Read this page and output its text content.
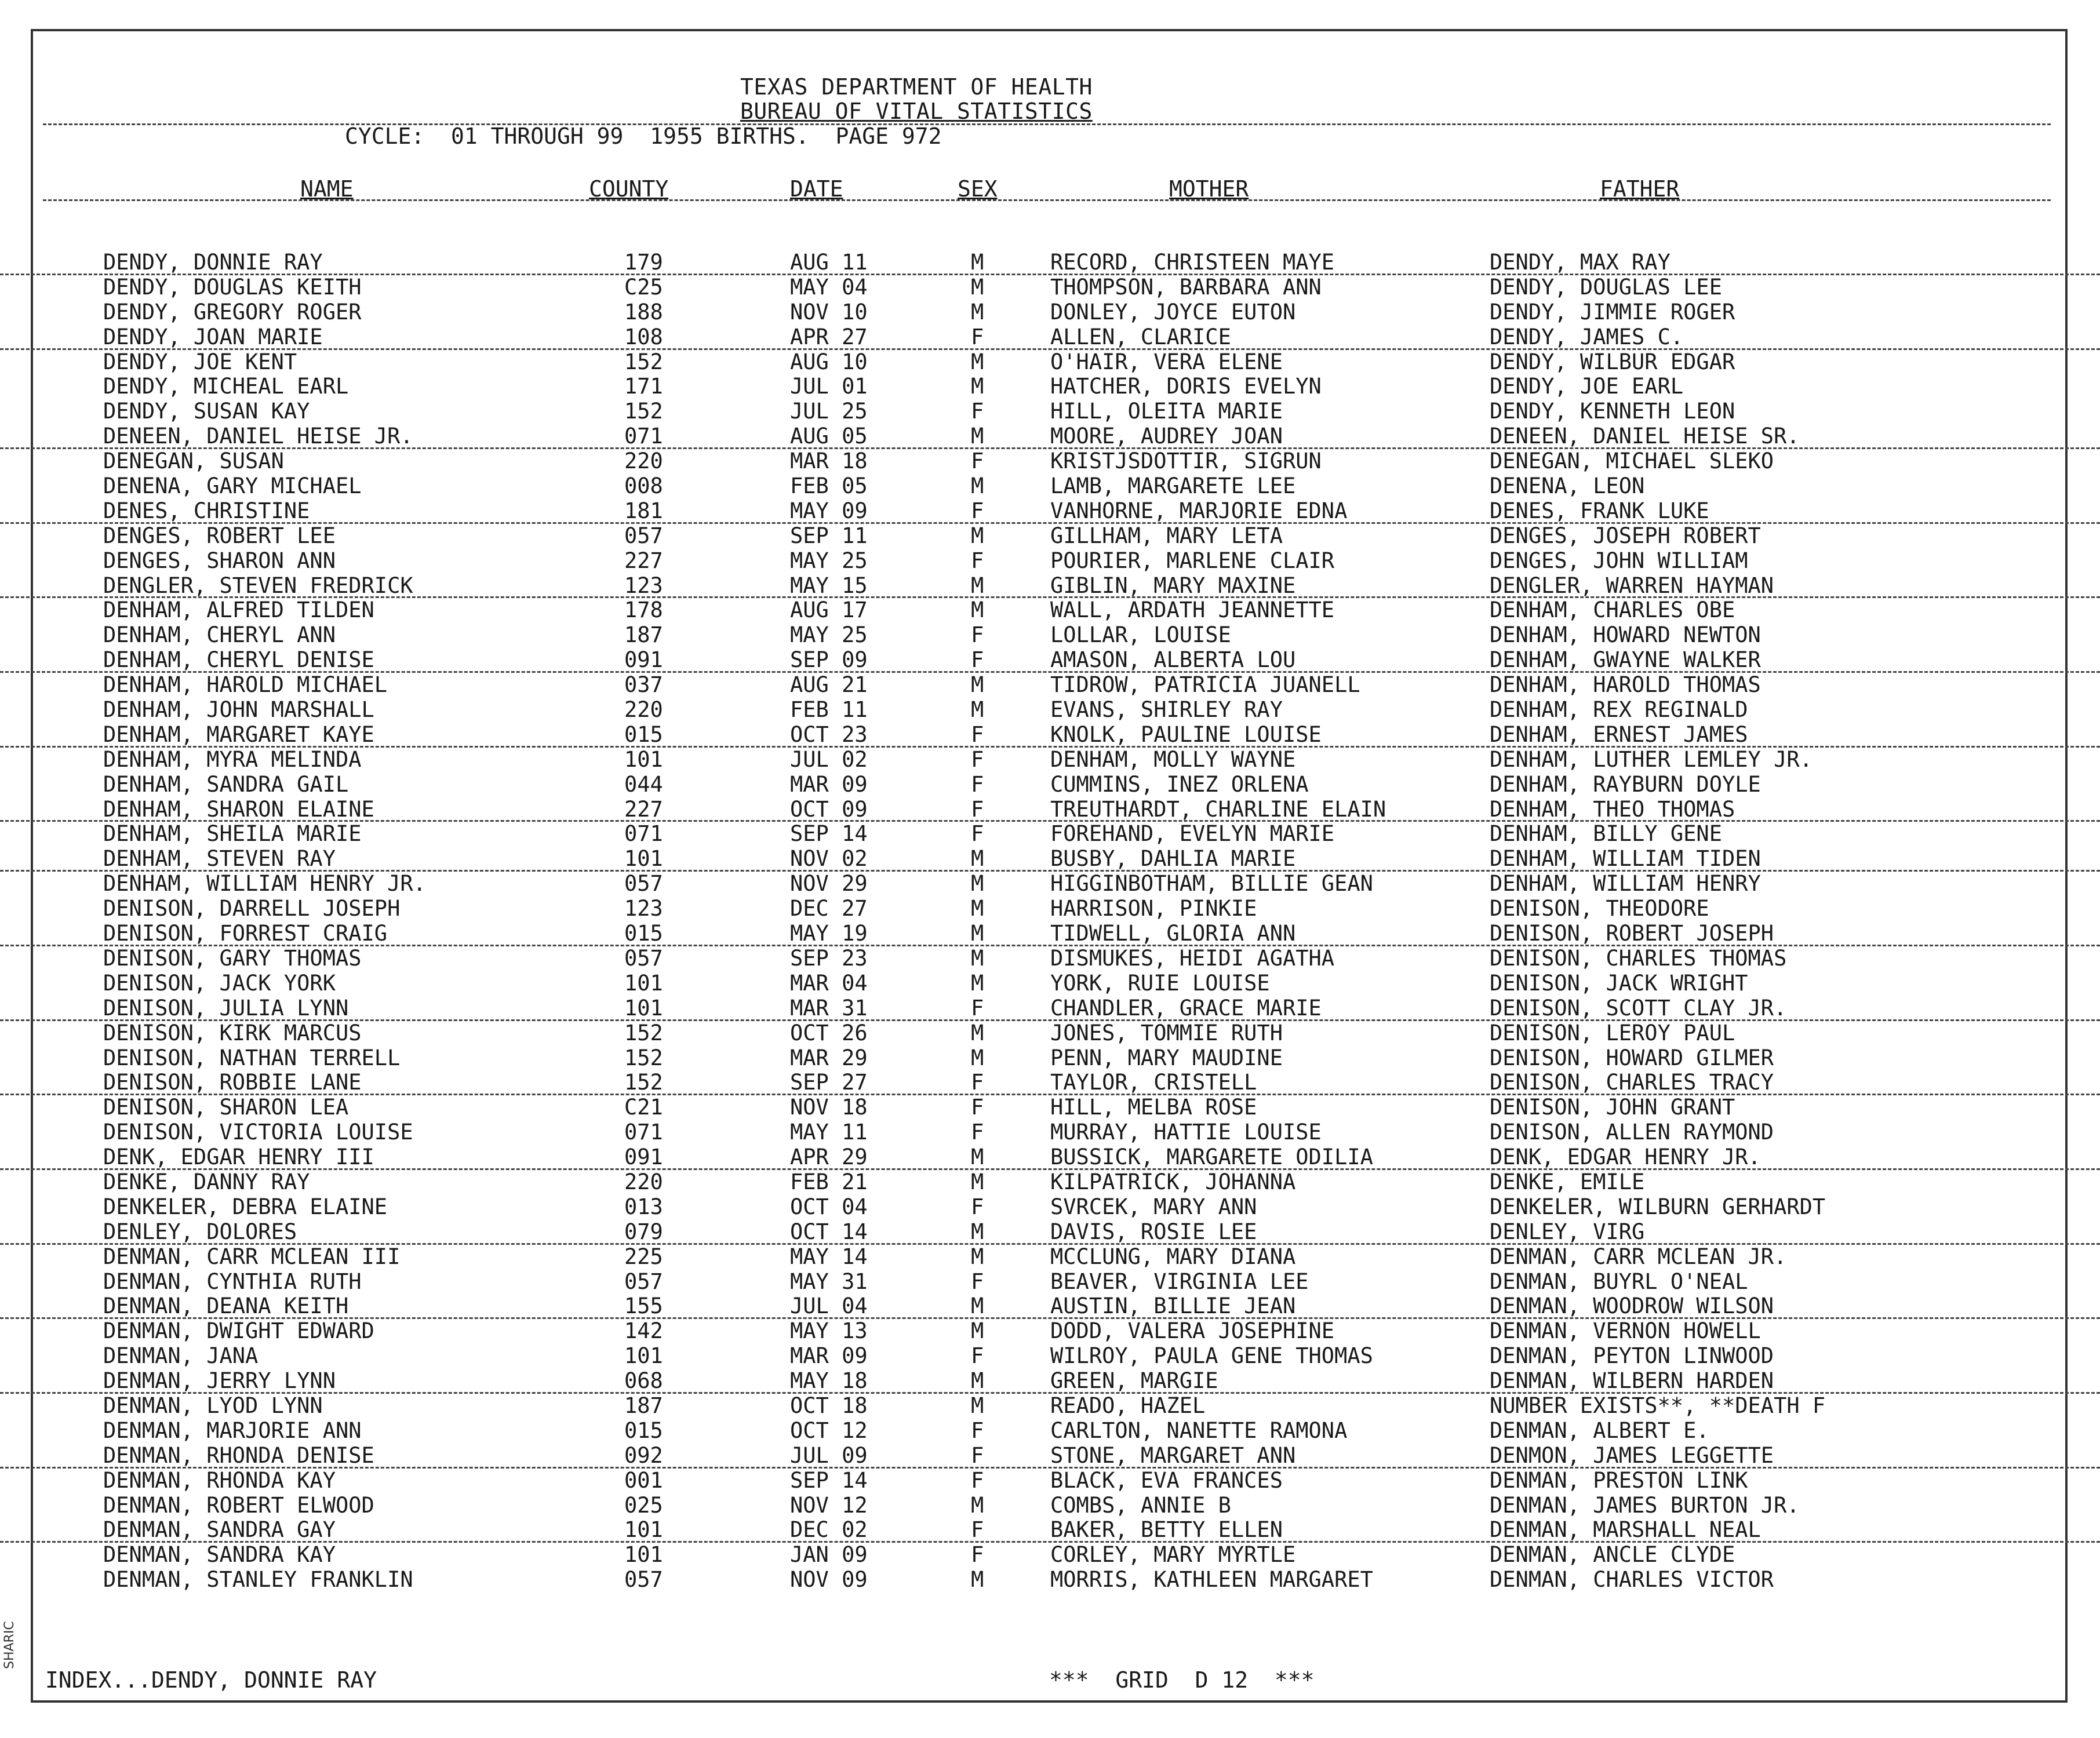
SHARIC
TEXAS DEPARTMENT OF HEALTH
BUREAU OF VITAL STATISTICS
CYCLE:  01 THROUGH 99  1955 BIRTHS.  PAGE 972
NAME	COUNTY	DATE	SEX	MOTHER	FATHER
DENDY, DONNIE RAY	179	AUG 11	M	RECORD, CHRISTEEN MAYE	DENDY, MAX RAY
DENDY, DOUGLAS KEITH	C25	MAY 04	M	THOMPSON, BARBARA ANN	DENDY, DOUGLAS LEE
DENDY, GREGORY ROGER	188	NOV 10	M	DONLEY, JOYCE EUTON	DENDY, JIMMIE ROGER
DENDY, JOAN MARIE	108	APR 27	F	ALLEN, CLARICE	DENDY, JAMES C.
DENDY, JOE KENT	152	AUG 10	M	O'HAIR, VERA ELENE	DENDY, WILBUR EDGAR
DENDY, MICHEAL EARL	171	JUL 01	M	HATCHER, DORIS EVELYN	DENDY, JOE EARL
DENDY, SUSAN KAY	152	JUL 25	F	HILL, OLEITA MARIE	DENDY, KENNETH LEON
DENEEN, DANIEL HEISE JR.	071	AUG 05	M	MOORE, AUDREY JOAN	DENEEN, DANIEL HEISE SR.
DENEGAN, SUSAN	220	MAR 18	F	KRISTJSDOTTIR, SIGRUN	DENEGAN, MICHAEL SLEKO
DENENA, GARY MICHAEL	008	FEB 05	M	LAMB, MARGARETE LEE	DENENA, LEON
DENES, CHRISTINE	181	MAY 09	F	VANHORNE, MARJORIE EDNA	DENES, FRANK LUKE
DENGES, ROBERT LEE	057	SEP 11	M	GILLHAM, MARY LETA	DENGES, JOSEPH ROBERT
DENGES, SHARON ANN	227	MAY 25	F	POURIER, MARLENE CLAIR	DENGES, JOHN WILLIAM
DENGLER, STEVEN FREDRICK	123	MAY 15	M	GIBLIN, MARY MAXINE	DENGLER, WARREN HAYMAN
DENHAM, ALFRED TILDEN	178	AUG 17	M	WALL, ARDATH JEANNETTE	DENHAM, CHARLES OBE
DENHAM, CHERYL ANN	187	MAY 25	F	LOLLAR, LOUISE	DENHAM, HOWARD NEWTON
DENHAM, CHERYL DENISE	091	SEP 09	F	AMASON, ALBERTA LOU	DENHAM, GWAYNE WALKER
DENHAM, HAROLD MICHAEL	037	AUG 21	M	TIDROW, PATRICIA JUANELL	DENHAM, HAROLD THOMAS
DENHAM, JOHN MARSHALL	220	FEB 11	M	EVANS, SHIRLEY RAY	DENHAM, REX REGINALD
DENHAM, MARGARET KAYE	015	OCT 23	F	KNOLK, PAULINE LOUISE	DENHAM, ERNEST JAMES
DENHAM, MYRA MELINDA	101	JUL 02	F	DENHAM, MOLLY WAYNE	DENHAM, LUTHER LEMLEY JR.
DENHAM, SANDRA GAIL	044	MAR 09	F	CUMMINS, INEZ ORLENA	DENHAM, RAYBURN DOYLE
DENHAM, SHARON ELAINE	227	OCT 09	F	TREUTHARDT, CHARLINE ELAIN	DENHAM, THEO THOMAS
DENHAM, SHEILA MARIE	071	SEP 14	F	FOREHAND, EVELYN MARIE	DENHAM, BILLY GENE
DENHAM, STEVEN RAY	101	NOV 02	M	BUSBY, DAHLIA MARIE	DENHAM, WILLIAM TIDEN
DENHAM, WILLIAM HENRY JR.	057	NOV 29	M	HIGGINBOTHAM, BILLIE GEAN	DENHAM, WILLIAM HENRY
DENISON, DARRELL JOSEPH	123	DEC 27	M	HARRISON, PINKIE	DENISON, THEODORE
DENISON, FORREST CRAIG	015	MAY 19	M	TIDWELL, GLORIA ANN	DENISON, ROBERT JOSEPH
DENISON, GARY THOMAS	057	SEP 23	M	DISMUKES, HEIDI AGATHA	DENISON, CHARLES THOMAS
DENISON, JACK YORK	101	MAR 04	M	YORK, RUIE LOUISE	DENISON, JACK WRIGHT
DENISON, JULIA LYNN	101	MAR 31	F	CHANDLER, GRACE MARIE	DENISON, SCOTT CLAY JR.
DENISON, KIRK MARCUS	152	OCT 26	M	JONES, TOMMIE RUTH	DENISON, LEROY PAUL
DENISON, NATHAN TERRELL	152	MAR 29	M	PENN, MARY MAUDINE	DENISON, HOWARD GILMER
DENISON, ROBBIE LANE	152	SEP 27	F	TAYLOR, CRISTELL	DENISON, CHARLES TRACY
DENISON, SHARON LEA	C21	NOV 18	F	HILL, MELBA ROSE	DENISON, JOHN GRANT
DENISON, VICTORIA LOUISE	071	MAY 11	F	MURRAY, HATTIE LOUISE	DENISON, ALLEN RAYMOND
DENK, EDGAR HENRY III	091	APR 29	M	BUSSICK, MARGARETE ODILIA	DENK, EDGAR HENRY JR.
DENKE, DANNY RAY	220	FEB 21	M	KILPATRICK, JOHANNA	DENKE, EMILE
DENKELER, DEBRA ELAINE	013	OCT 04	F	SVRCEK, MARY ANN	DENKELER, WILBURN GERHARDT
DENLEY, DOLORES	079	OCT 14	M	DAVIS, ROSIE LEE	DENLEY, VIRG
DENMAN, CARR MCLEAN III	225	MAY 14	M	MCCLUNG, MARY DIANA	DENMAN, CARR MCLEAN JR.
DENMAN, CYNTHIA RUTH	057	MAY 31	F	BEAVER, VIRGINIA LEE	DENMAN, BUYRL O'NEAL
DENMAN, DEANA KEITH	155	JUL 04	M	AUSTIN, BILLIE JEAN	DENMAN, WOODROW WILSON
DENMAN, DWIGHT EDWARD	142	MAY 13	M	DODD, VALERA JOSEPHINE	DENMAN, VERNON HOWELL
DENMAN, JANA	101	MAR 09	F	WILROY, PAULA GENE THOMAS	DENMAN, PEYTON LINWOOD
DENMAN, JERRY LYNN	068	MAY 18	M	GREEN, MARGIE	DENMAN, WILBERN HARDEN
DENMAN, LYOD LYNN	187	OCT 18	M	READO, HAZEL	NUMBER EXISTS**, **DEATH F
DENMAN, MARJORIE ANN	015	OCT 12	F	CARLTON, NANETTE RAMONA	DENMAN, ALBERT E.
DENMAN, RHONDA DENISE	092	JUL 09	F	STONE, MARGARET ANN	DENMON, JAMES LEGGETTE
DENMAN, RHONDA KAY	001	SEP 14	F	BLACK, EVA FRANCES	DENMAN, PRESTON LINK
DENMAN, ROBERT ELWOOD	025	NOV 12	M	COMBS, ANNIE B	DENMAN, JAMES BURTON JR.
DENMAN, SANDRA GAY	101	DEC 02	F	BAKER, BETTY ELLEN	DENMAN, MARSHALL NEAL
DENMAN, SANDRA KAY	101	JAN 09	F	CORLEY, MARY MYRTLE	DENMAN, ANCLE CLYDE
DENMAN, STANLEY FRANKLIN	057	NOV 09	M	MORRIS, KATHLEEN MARGARET	DENMAN, CHARLES VICTOR
INDEX...DENDY, DONNIE RAY	***  GRID  D 12  ***
